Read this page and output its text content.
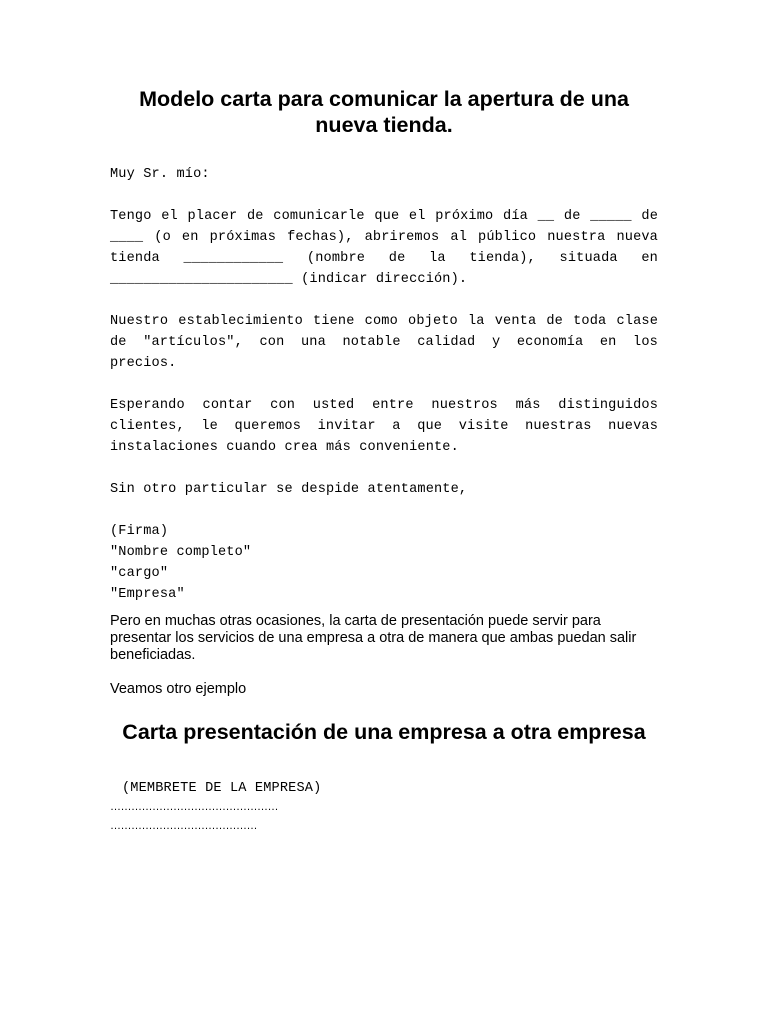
Modelo carta para comunicar la apertura de una nueva tienda.

Muy Sr. mío:

Tengo el placer de comunicarle que el próximo día __ de _____ de ____ (o en próximas fechas), abriremos al público nuestra nueva tienda ____________ (nombre de la tienda), situada en ______________________ (indicar dirección).

Nuestro establecimiento tiene como objeto la venta de toda clase de "artículos", con una notable calidad y economía en los precios.

Esperando contar con usted entre nuestros más distinguidos clientes, le queremos invitar a que visite nuestras nuevas instalaciones cuando crea más conveniente.

Sin otro particular se despide atentamente,

(Firma)

"Nombre completo"

"cargo"

"Empresa"

Pero en muchas otras ocasiones, la carta de presentación puede servir para presentar los servicios de una empresa a otra de manera que ambas puedan salir beneficiadas.

Veamos otro ejemplo

Carta presentación de una empresa a otra empresa

(MEMBRETE DE LA EMPRESA)

…………………………………………

……………………………………
